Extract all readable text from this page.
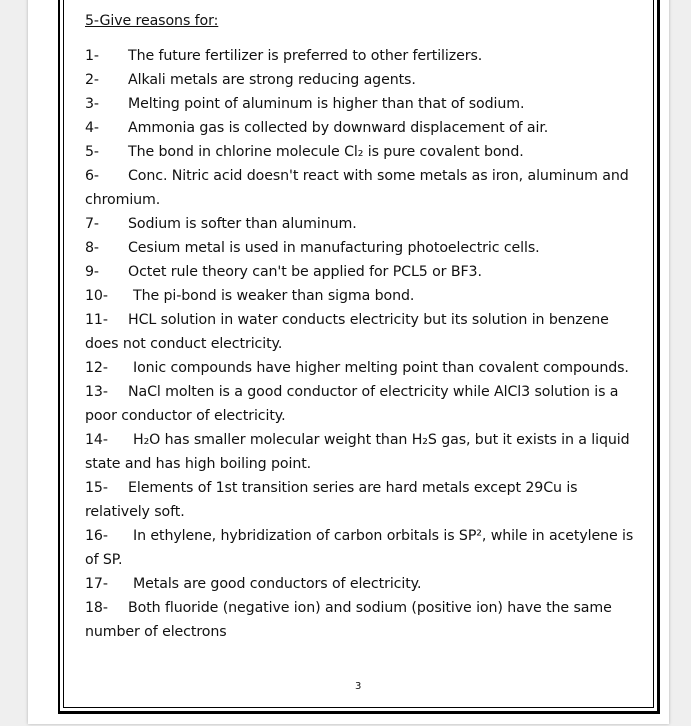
5-Give reasons for:
1- The future fertilizer is preferred to other fertilizers.
2- Alkali metals are strong reducing agents.
3- Melting point of aluminum is higher than that of sodium.
4- Ammonia gas is collected by downward displacement of air.
5- The bond in chlorine molecule Cl₂ is pure covalent bond.
6- Conc. Nitric acid doesn't react with some metals as iron, aluminum and chromium.
7- Sodium is softer than aluminum.
8- Cesium metal is used in manufacturing photoelectric cells.
9- Octet rule theory can't be applied for PCL5 or BF3.
10- The pi-bond is weaker than sigma bond.
11- HCL solution in water conducts electricity but its solution in benzene does not conduct electricity.
12- Ionic compounds have higher melting point than covalent compounds.
13- NaCl molten is a good conductor of electricity while AlCl3 solution is a poor conductor of electricity.
14- H₂O has smaller molecular weight than H₂S gas, but it exists in a liquid state and has high boiling point.
15- Elements of 1st transition series are hard metals except 29Cu is relatively soft.
16- In ethylene, hybridization of carbon orbitals is SP², while in acetylene is of SP.
17- Metals are good conductors of electricity.
18- Both fluoride (negative ion) and sodium (positive ion) have the same number of electrons
3
